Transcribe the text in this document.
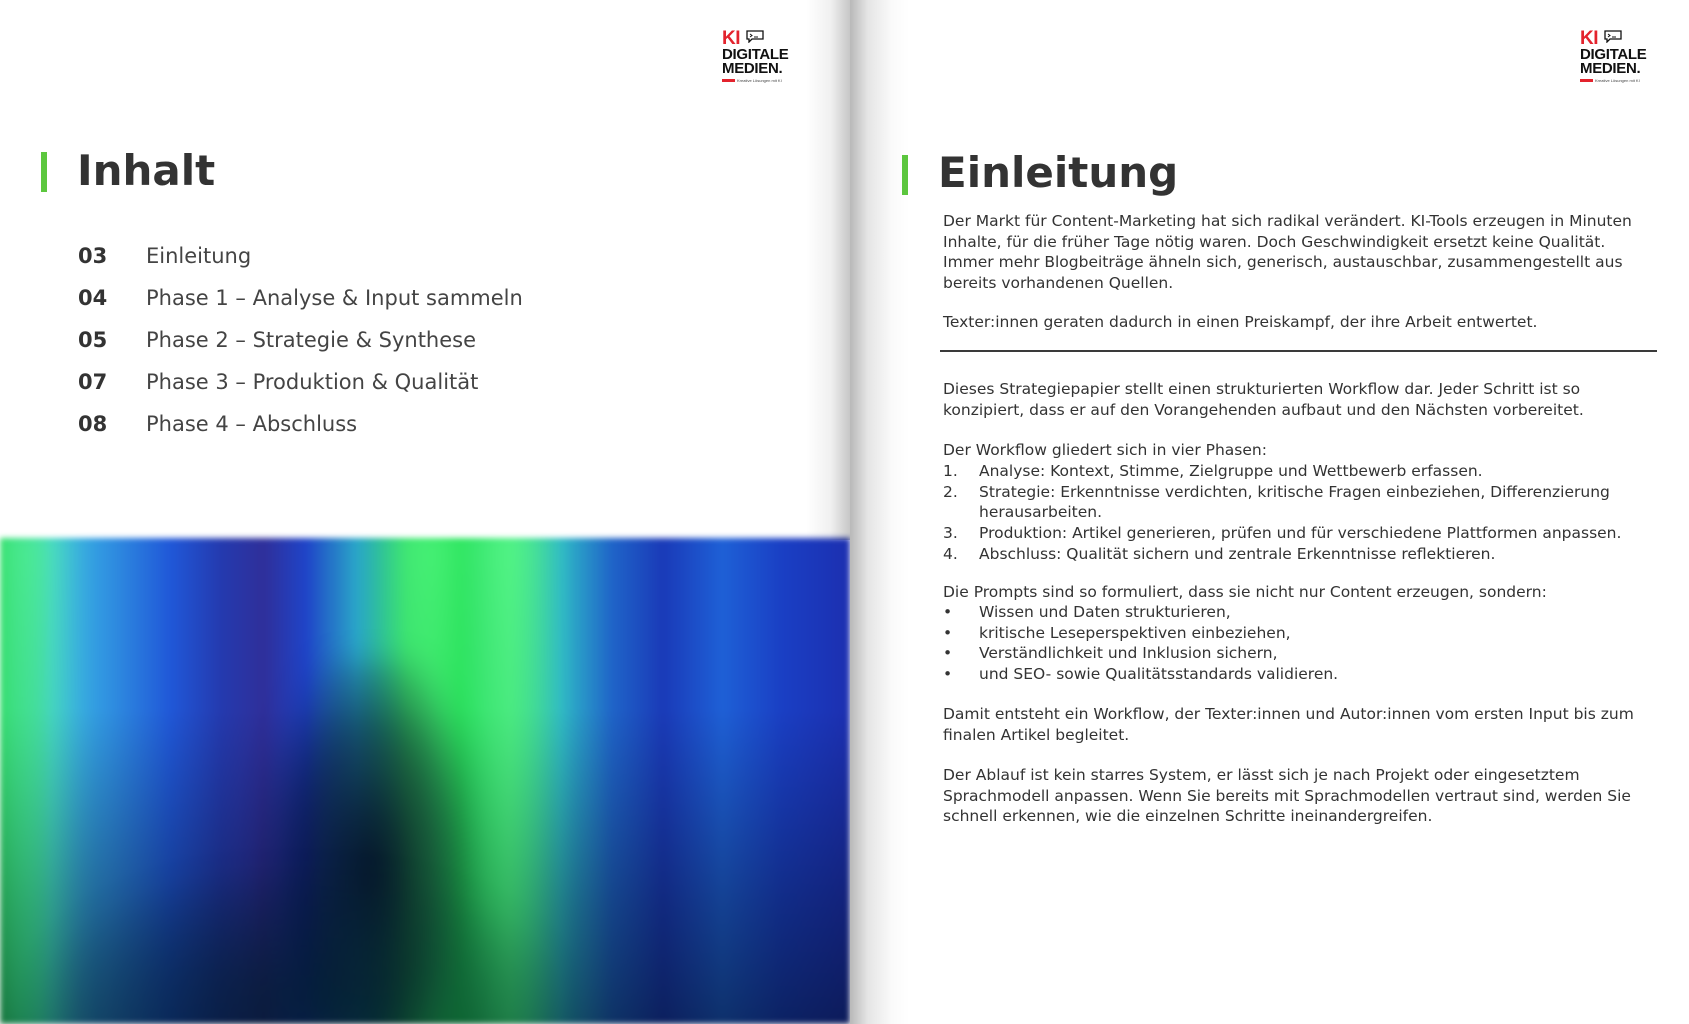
KI
DIGITALE
MEDIEN.
Kreative Lösungen mit KI
Inhalt
03 Einleitung
04 Phase 1 – Analyse & Input sammeln
05 Phase 2 – Strategie & Synthese
07 Phase 3 – Produktion & Qualität
08 Phase 4 – Abschluss
KI
DIGITALE
MEDIEN.
Kreative Lösungen mit KI
Einleitung

Der Markt für Content-Marketing hat sich radikal verändert. KI-Tools erzeugen in Minuten Inhalte, für die früher Tage nötig waren. Doch Geschwindigkeit ersetzt keine Qualität. Immer mehr Blogbeiträge ähneln sich, generisch, austauschbar, zusammengestellt aus bereits vorhandenen Quellen.

Texter:innen geraten dadurch in einen Preiskampf, der ihre Arbeit entwertet.

Dieses Strategiepapier stellt einen strukturierten Workflow dar. Jeder Schritt ist so konzipiert, dass er auf den Vorangehenden aufbaut und den Nächsten vorbereitet.

Der Workflow gliedert sich in vier Phasen:

1. Analyse: Kontext, Stimme, Zielgruppe und Wettbewerb erfassen.
2. Strategie: Erkenntnisse verdichten, kritische Fragen einbeziehen, Differenzierung herausarbeiten.
3. Produktion: Artikel generieren, prüfen und für verschiedene Plattformen anpassen.
4. Abschluss: Qualität sichern und zentrale Erkenntnisse reflektieren.

Die Prompts sind so formuliert, dass sie nicht nur Content erzeugen, sondern:

• Wissen und Daten strukturieren,
• kritische Leseperspektiven einbeziehen,
• Verständlichkeit und Inklusion sichern,
• und SEO- sowie Qualitätsstandards validieren.

Damit entsteht ein Workflow, der Texter:innen und Autor:innen vom ersten Input bis zum finalen Artikel begleitet.

Der Ablauf ist kein starres System, er lässt sich je nach Projekt oder eingesetztem Sprachmodell anpassen. Wenn Sie bereits mit Sprachmodellen vertraut sind, werden Sie schnell erkennen, wie die einzelnen Schritte ineinandergreifen.
